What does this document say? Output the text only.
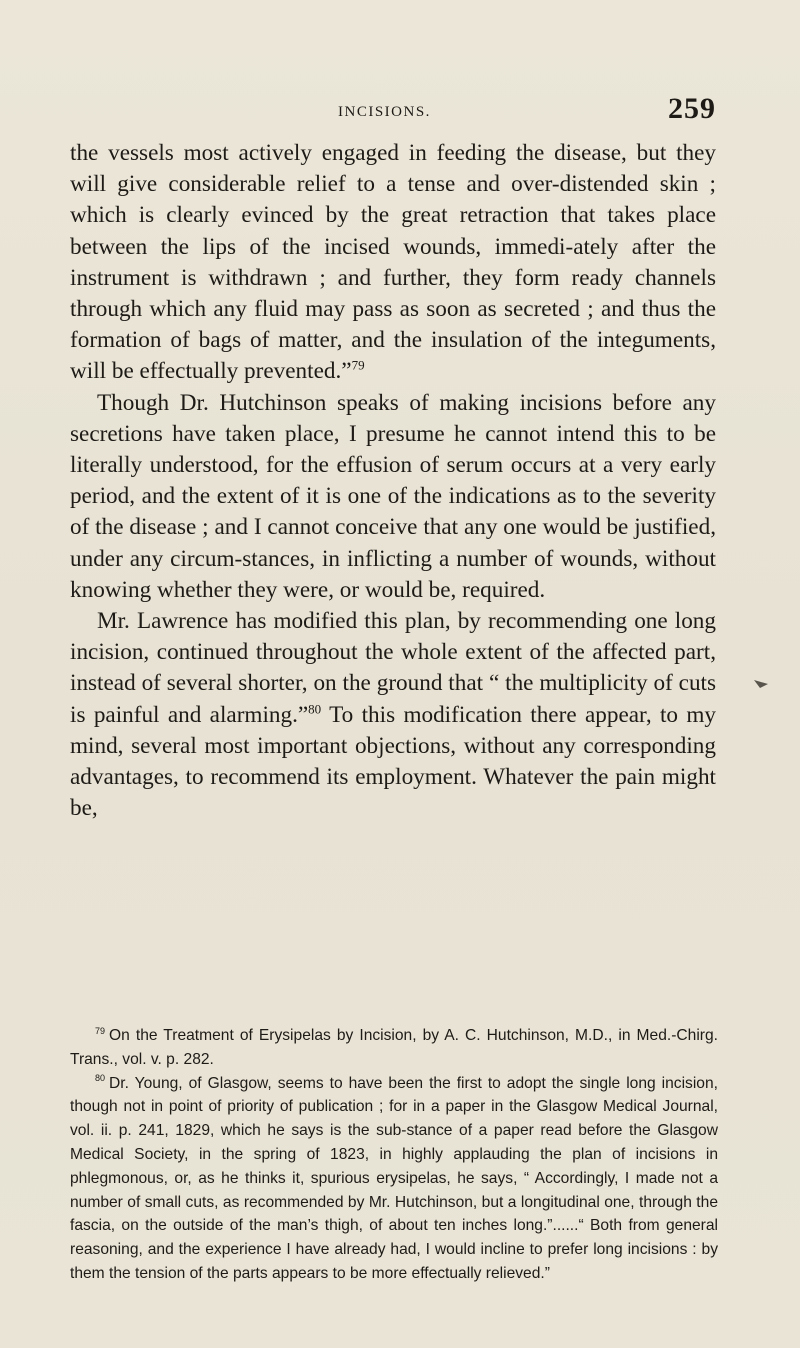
INCISIONS.	259

the vessels most actively engaged in feeding the disease, but they will give considerable relief to a tense and over-distended skin ; which is clearly evinced by the great retraction that takes place between the lips of the incised wounds, immedi-ately after the instrument is withdrawn ; and further, they form ready channels through which any fluid may pass as soon as secreted ; and thus the formation of bags of matter, and the insulation of the integuments, will be effectually prevented.”$^{79}$

Though Dr. Hutchinson speaks of making incisions before any secretions have taken place, I presume he cannot intend this to be literally understood, for the effusion of serum occurs at a very early period, and the extent of it is one of the indications as to the severity of the disease ; and I cannot conceive that any one would be justified, under any circum-stances, in inflicting a number of wounds, without knowing whether they were, or would be, required.

Mr. Lawrence has modified this plan, by recommending one long incision, continued throughout the whole extent of the affected part, instead of several shorter, on the ground that “ the multiplicity of cuts is painful and alarming.”$^{80}$ To this modification there appear, to my mind, several most important objections, without any corresponding advantages, to recommend its employment. Whatever the pain might be,

$^{79}$ On the Treatment of Erysipelas by Incision, by A. C. Hutchinson, M.D., in Med.-Chirg. Trans., vol. v. p. 282.

$^{80}$ Dr. Young, of Glasgow, seems to have been the first to adopt the single long incision, though not in point of priority of publication ; for in a paper in the Glasgow Medical Journal, vol. ii. p. 241, 1829, which he says is the sub-stance of a paper read before the Glasgow Medical Society, in the spring of 1823, in highly applauding the plan of incisions in phlegmonous, or, as he thinks it, spurious erysipelas, he says, “ Accordingly, I made not a number of small cuts, as recommended by Mr. Hutchinson, but a longitudinal one, through the fascia, on the outside of the man’s thigh, of about ten inches long.”......“ Both from general reasoning, and the experience I have already had, I would incline to prefer long incisions : by them the tension of the parts appears to be more effectually relieved.”
